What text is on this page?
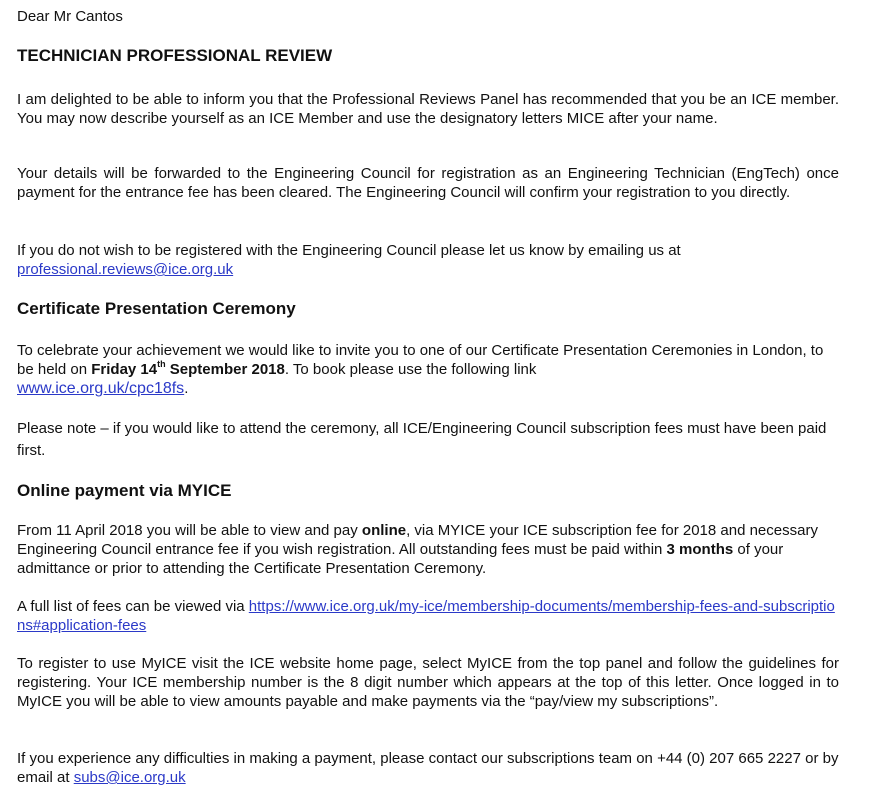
Dear Mr Cantos
TECHNICIAN PROFESSIONAL REVIEW
I am delighted to be able to inform you that the Professional Reviews Panel has recommended that you be an ICE member. You may now describe yourself as an ICE Member and use the designatory letters MICE after your name.
Your details will be forwarded to the Engineering Council for registration as an Engineering Technician (EngTech) once payment for the entrance fee has been cleared. The Engineering Council will confirm your registration to you directly.
If you do not wish to be registered with the Engineering Council please let us know by emailing us at
professional.reviews@ice.org.uk
Certificate Presentation Ceremony
To celebrate your achievement we would like to invite you to one of our Certificate Presentation Ceremonies in London, to be held on Friday 14th September 2018. To book please use the following link
www.ice.org.uk/cpc18fs.
Please note – if you would like to attend the ceremony, all ICE/Engineering Council subscription fees must have been paid first.
Online payment via MYICE
From 11 April 2018 you will be able to view and pay online, via MYICE your ICE subscription fee for 2018 and necessary Engineering Council entrance fee if you wish registration. All outstanding fees must be paid within 3 months of your admittance or prior to attending the Certificate Presentation Ceremony.
A full list of fees can be viewed via https://www.ice.org.uk/my-ice/membership-documents/membership-fees-and-subscriptions#application-fees
To register to use MyICE visit the ICE website home page, select MyICE from the top panel and follow the guidelines for registering. Your ICE membership number is the 8 digit number which appears at the top of this letter. Once logged in to MyICE you will be able to view amounts payable and make payments via the “pay/view my subscriptions”.
If you experience any difficulties in making a payment, please contact our subscriptions team on +44 (0) 207 665 2227 or by email at subs@ice.org.uk
